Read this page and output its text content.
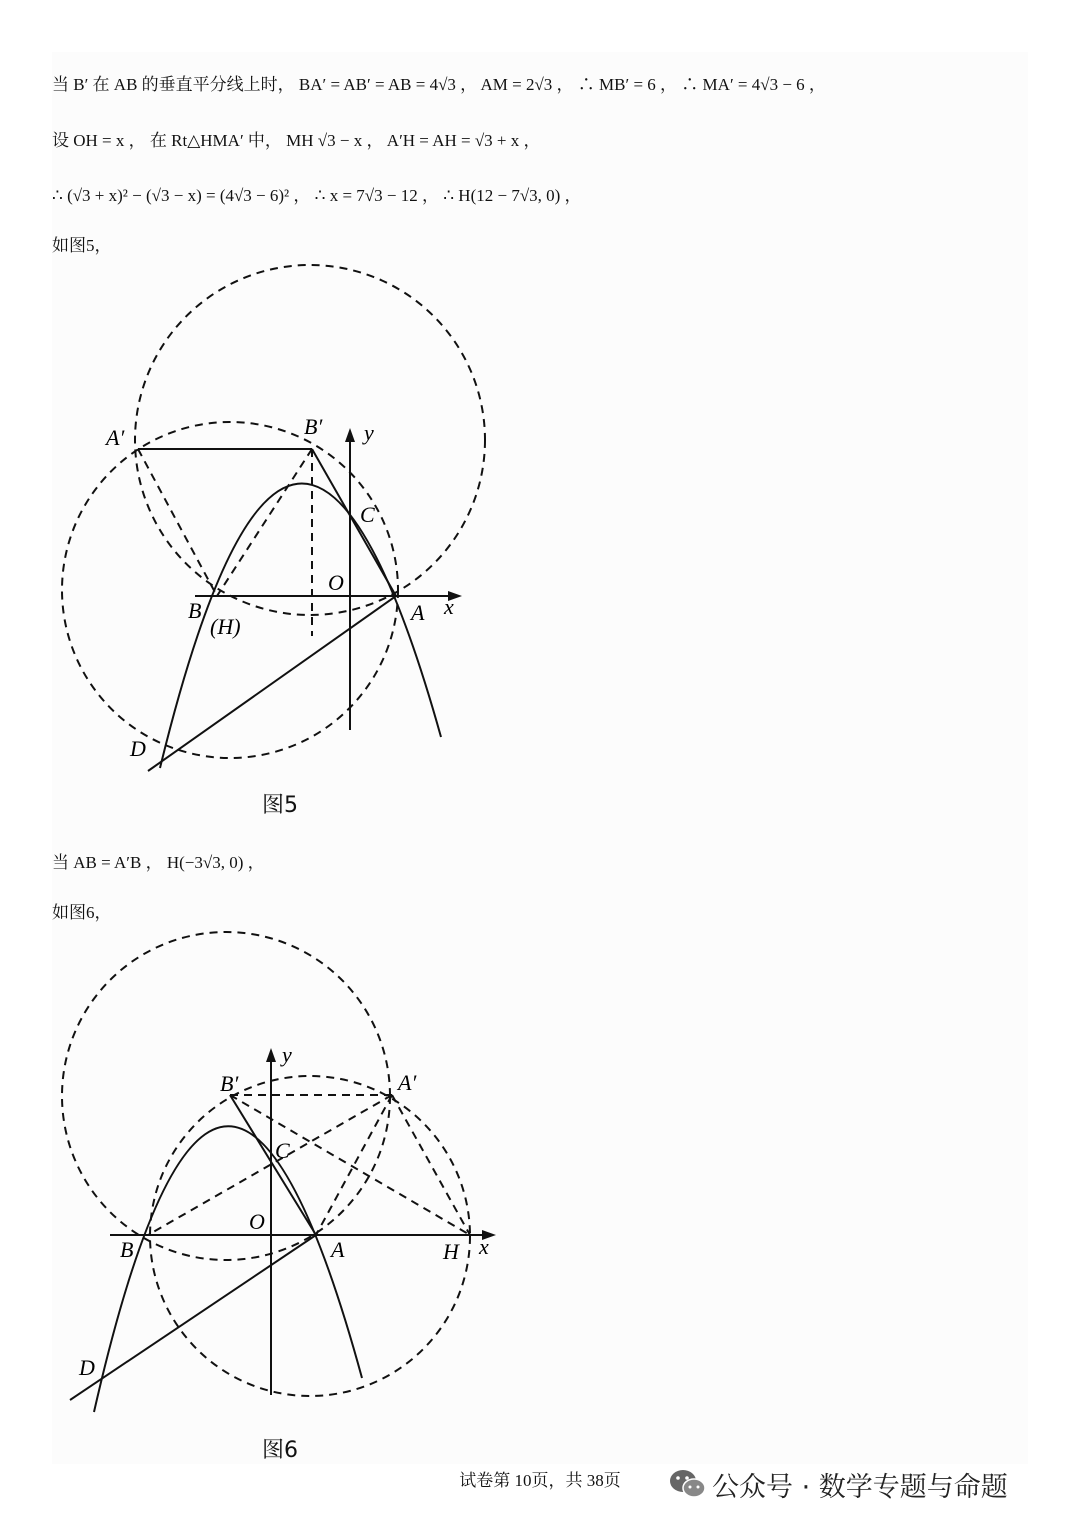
当 B′ 在 AB 的垂直平分线上时， BA′ = AB′ = AB = 4√3 ， AM = 2√3 ， ∴ MB′ = 6 ， ∴ MA′ = 4√3 − 6 ，
设 OH = x ， 在 Rt△HMA′ 中， MH √3 − x ， A′H = AH = √3 + x ，
∴ (√3 + x)² − (√3 − x) = (4√3 − 6)² ， ∴ x = 7√3 − 12 ， ∴ H(12 − 7√3, 0) ，
如图5，
A′	B′ y
C
O
B
(H)
A x
D
图5
当 AB = A′B ， H(−3√3, 0) ，
如图6，
B′	A′
y
C
O
B	A	H x
D
图6
试卷第 10页，共 38页	公众号 · 数学专题与命题
